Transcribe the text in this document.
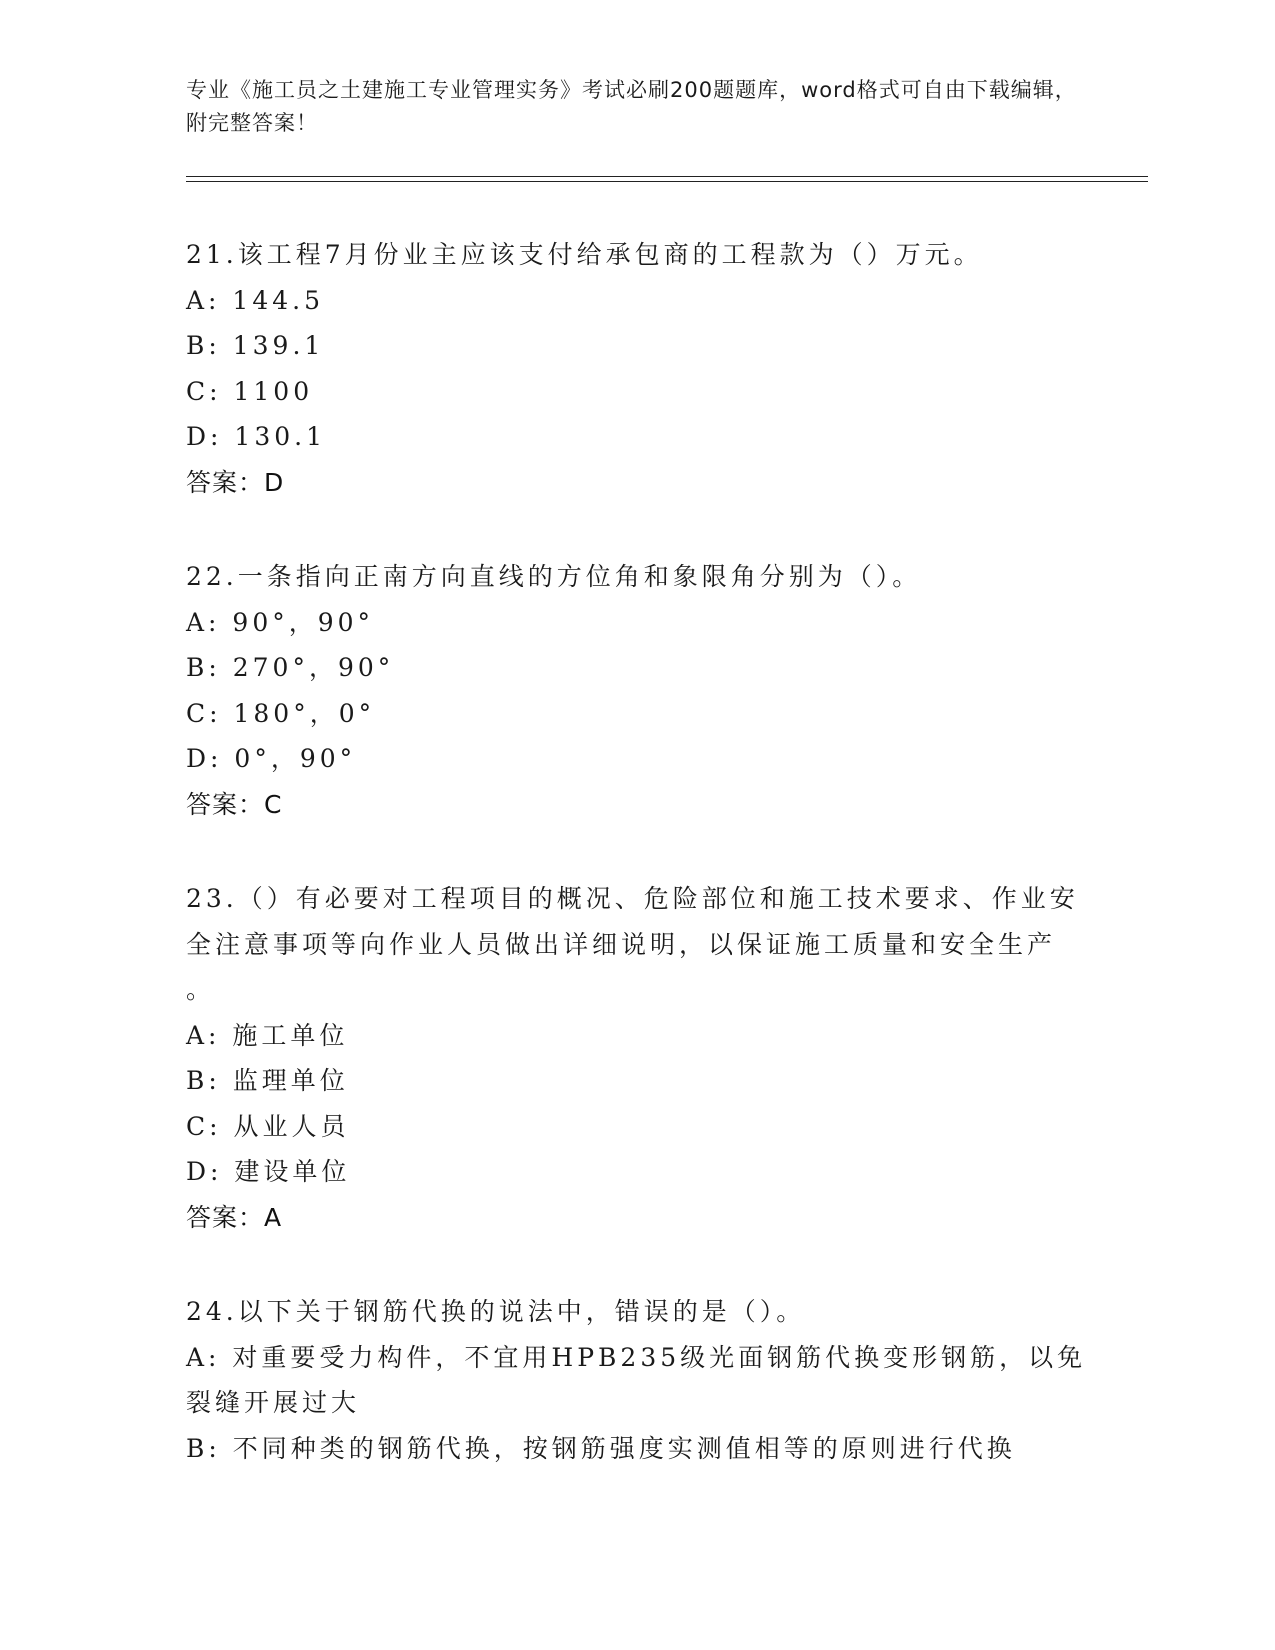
专业《施工员之土建施工专业管理实务》考试必刷200题题库，word格式可自由下载编辑，附完整答案！
21.该工程7月份业主应该支付给承包商的工程款为（）万元。
A: 144.5
B: 139.1
C: 1100
D: 130.1
答案：D
22.一条指向正南方向直线的方位角和象限角分别为（）。
A: 90°，90°
B: 270°，90°
C: 180°，0°
D: 0°，90°
答案：C
23.（）有必要对工程项目的概况、危险部位和施工技术要求、作业安
全注意事项等向作业人员做出详细说明，以保证施工质量和安全生产
。
A: 施工单位
B: 监理单位
C: 从业人员
D: 建设单位
答案：A
24.以下关于钢筋代换的说法中，错误的是（）。
A: 对重要受力构件，不宜用HPB235级光面钢筋代换变形钢筋，以免
裂缝开展过大
B: 不同种类的钢筋代换，按钢筋强度实测值相等的原则进行代换
